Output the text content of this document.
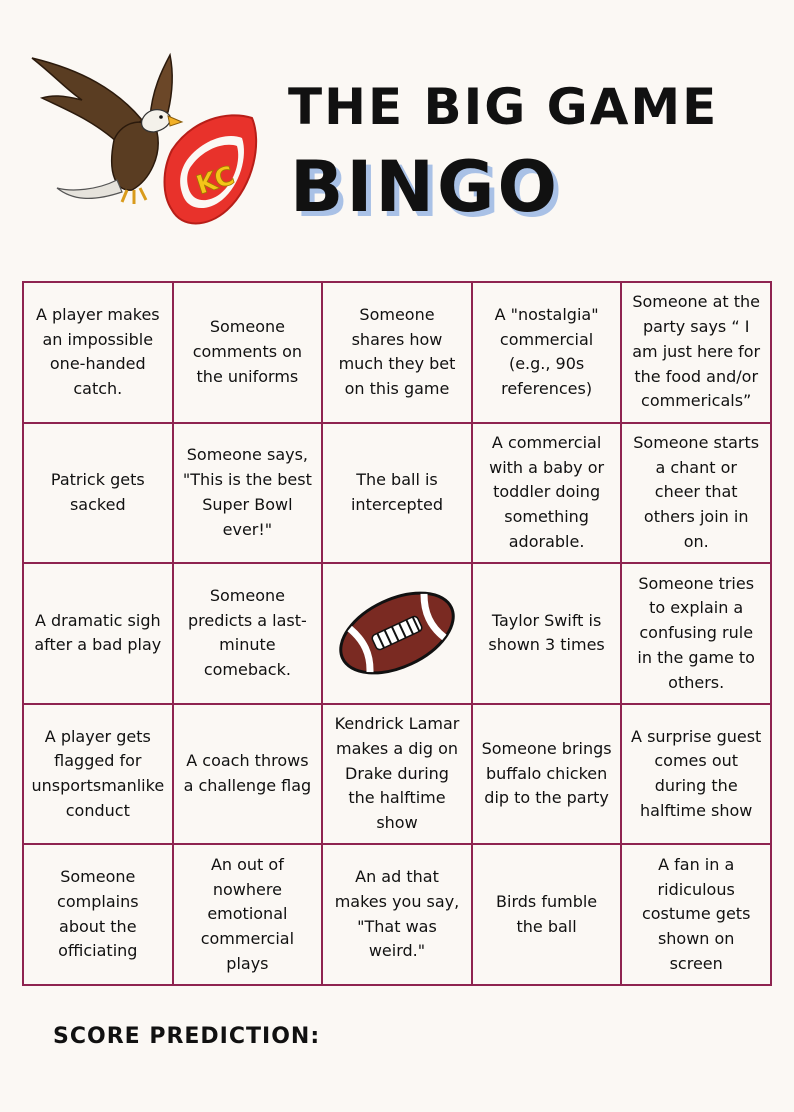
KC
THE BIG GAME
BINGO
A player makes an impossible one-handed catch.
Someone comments on the uniforms
Someone shares how much they bet on this game
A "nostalgia" commercial (e.g., 90s references)
Someone at the party says “ I am just here for the food and/or commericals”
Patrick gets sacked
Someone says, "This is the best Super Bowl ever!"
The ball is intercepted
A commercial with a baby or toddler doing something adorable.
Someone starts a chant or cheer that others join in on.
A dramatic sigh after a bad play
Someone predicts a last-minute comeback.
Taylor Swift is shown 3 times
Someone tries to explain a confusing rule in the game to others.
A player gets flagged for unsportsmanlike conduct
A coach throws a challenge flag
Kendrick Lamar makes a dig on Drake during the halftime show
Someone brings buffalo chicken dip to the party
A surprise guest comes out during the halftime show
Someone complains about the officiating
An out of nowhere emotional commercial plays
An ad that makes you say, "That was weird."
Birds fumble the ball
A fan in a ridiculous costume gets shown on screen
SCORE PREDICTION:
